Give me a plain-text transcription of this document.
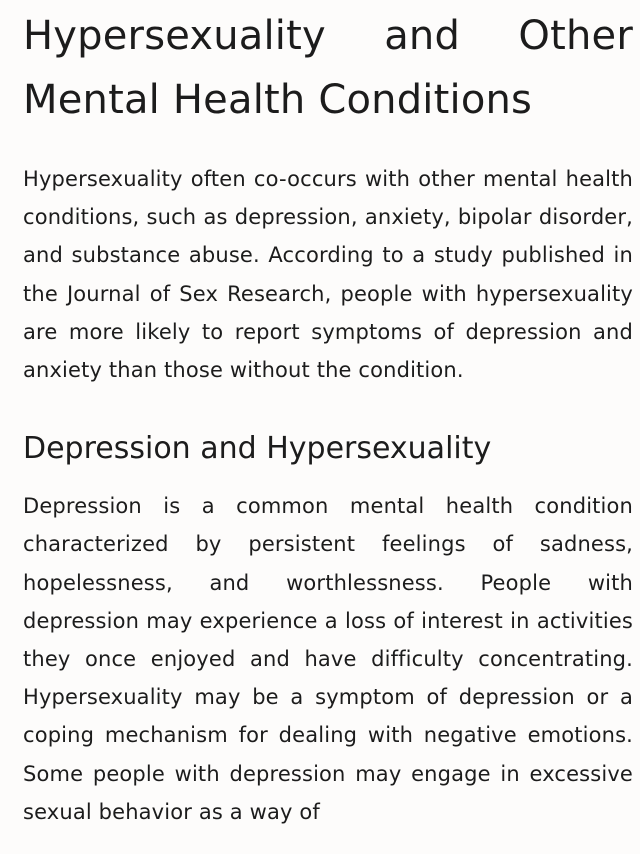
Hypersexuality and Other
Mental Health Conditions

Hypersexuality often co-occurs with other mental health conditions, such as depression, anxiety, bipolar disorder, and substance abuse. According to a study published in the Journal of Sex Research, people with hypersexuality are more likely to report symptoms of depression and anxiety than those without the condition.

Depression and Hypersexuality

Depression is a common mental health condition characterized by persistent feelings of sadness, hopelessness, and worthlessness. People with depression may experience a loss of interest in activities they once enjoyed and have difficulty concentrating. Hypersexuality may be a symptom of depression or a coping mechanism for dealing with negative emotions. Some people with depression may engage in excessive sexual behavior as a way of
